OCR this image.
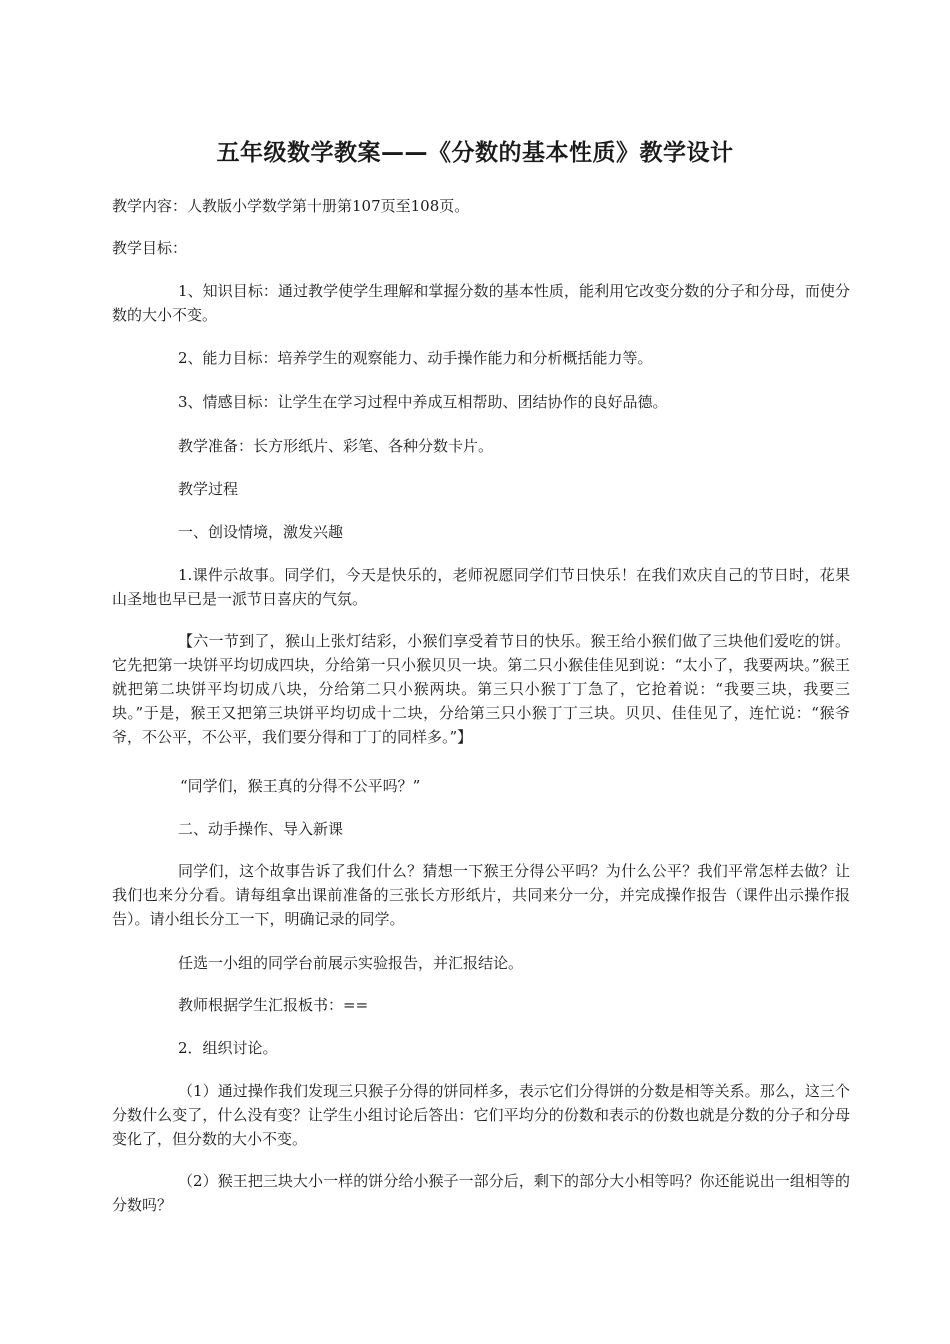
五年级数学教案——《分数的基本性质》教学设计

教学内容：人教版小学数学第十册第107页至108页。

教学目标：

1、知识目标：通过教学使学生理解和掌握分数的基本性质，能利用它改变分数的分子和分母，而使分数的大小不变。

2、能力目标：培养学生的观察能力、动手操作能力和分析概括能力等。

3、情感目标：让学生在学习过程中养成互相帮助、团结协作的良好品德。

教学准备：长方形纸片、彩笔、各种分数卡片。

教学过程

一、创设情境，激发兴趣

1.课件示故事。同学们，今天是快乐的，老师祝愿同学们节日快乐！在我们欢庆自己的节日时，花果山圣地也早已是一派节日喜庆的气氛。

【六一节到了，猴山上张灯结彩，小猴们享受着节日的快乐。猴王给小猴们做了三块他们爱吃的饼。它先把第一块饼平均切成四块，分给第一只小猴贝贝一块。第二只小猴佳佳见到说：“太小了，我要两块。”猴王就把第二块饼平均切成八块，分给第二只小猴两块。第三只小猴丁丁急了，它抢着说：“我要三块，我要三块。”于是，猴王又把第三块饼平均切成十二块，分给第三只小猴丁丁三块。贝贝、佳佳见了，连忙说：“猴爷爷，不公平，不公平，我们要分得和丁丁的同样多。”】

“同学们，猴王真的分得不公平吗？”

二、动手操作、导入新课

同学们，这个故事告诉了我们什么？猜想一下猴王分得公平吗？为什么公平？我们平常怎样去做？让我们也来分分看。请每组拿出课前准备的三张长方形纸片，共同来分一分，并完成操作报告（课件出示操作报告）。请小组长分工一下，明确记录的同学。

任选一小组的同学台前展示实验报告，并汇报结论。

教师根据学生汇报板书：==

2．组织讨论。

（1）通过操作我们发现三只猴子分得的饼同样多，表示它们分得饼的分数是相等关系。那么，这三个分数什么变了，什么没有变？让学生小组讨论后答出：它们平均分的份数和表示的份数也就是分数的分子和分母变化了，但分数的大小不变。

（2）猴王把三块大小一样的饼分给小猴子一部分后，剩下的部分大小相等吗？你还能说出一组相等的分数吗？
